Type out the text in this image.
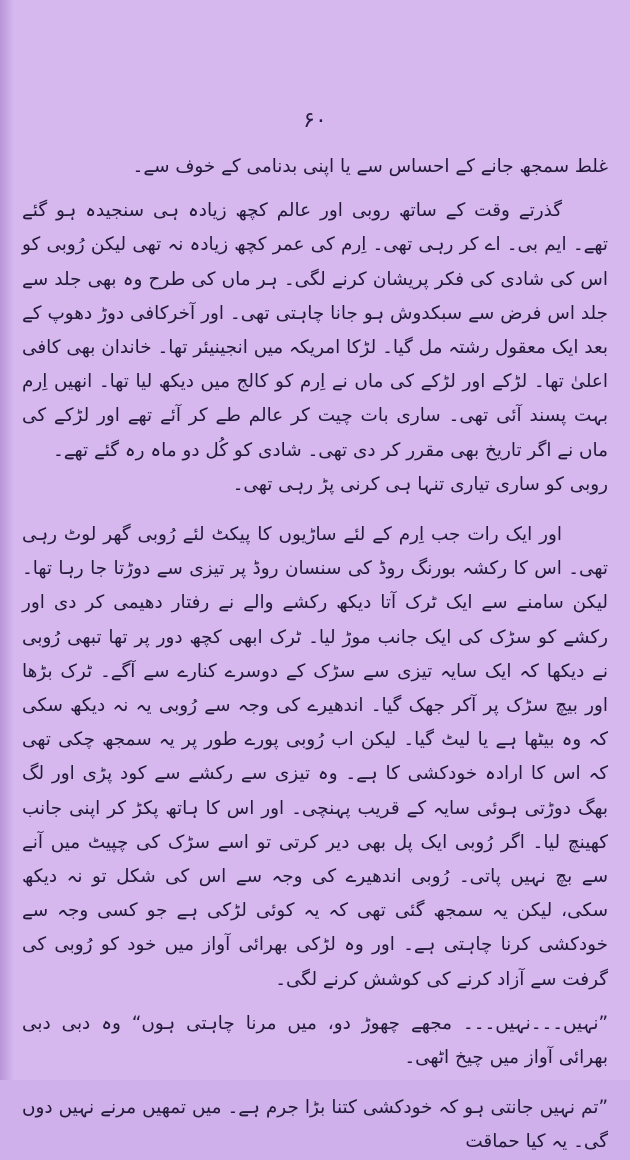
۶۰

غلط سمجھ جانے کے احساس سے یا اپنی بدنامی کے خوف سے۔

گذرتے وقت کے ساتھ روبی اور عالم کچھ زیادہ ہی سنجیدہ ہو گئے تھے۔ ایم بی۔ اے کر رہی تھی۔ اِرم کی عمر کچھ زیادہ نہ تھی لیکن رُوبی کو اس کی شادی کی فکر پریشان کرنے لگی۔ ہر ماں کی طرح وہ بھی جلد سے جلد اس فرض سے سبکدوش ہو جانا چاہتی تھی۔ اور آخرکافی دوڑ دھوپ کے بعد ایک معقول رشتہ مل گیا۔ لڑکا امریکہ میں انجینیئر تھا۔ خاندان بھی کافی اعلیٰ تھا۔ لڑکے اور لڑکے کی ماں نے اِرم کو کالج میں دیکھ لیا تھا۔ انھیں اِرم بہت پسند آئی تھی۔ ساری بات چیت کر عالم طے کر آئے تھے اور لڑکے کی ماں نے اگر تاریخ بھی مقرر کر دی تھی۔ شادی کو کُل دو ماہ رہ گئے تھے۔

روبی کو ساری تیاری تنہا ہی کرنی پڑ رہی تھی۔

اور ایک رات جب اِرم کے لئے ساڑیوں کا پیکٹ لئے رُوبی گھر لوٹ رہی تھی۔ اس کا رکشہ بورنگ روڈ کی سنسان روڈ پر تیزی سے دوڑتا جا رہا تھا۔ لیکن سامنے سے ایک ٹرک آتا دیکھ رکشے والے نے رفتار دھیمی کر دی اور رکشے کو سڑک کی ایک جانب موڑ لیا۔ ٹرک ابھی کچھ دور پر تھا تبھی رُوبی نے دیکھا کہ ایک سایہ تیزی سے سڑک کے دوسرے کنارے سے آگے۔ ٹرک بڑھا اور بیچ سڑک پر آکر جھک گیا۔ اندھیرے کی وجہ سے رُوبی یہ نہ دیکھ سکی کہ وہ بیٹھا ہے یا لیٹ گیا۔ لیکن اب رُوبی پورے طور پر یہ سمجھ چکی تھی کہ اس کا ارادہ خودکشی کا ہے۔ وہ تیزی سے رکشے سے کود پڑی اور لگ بھگ دوڑتی ہوئی سایہ کے قریب پہنچی۔ اور اس کا ہاتھ پکڑ کر اپنی جانب کھینچ لیا۔ اگر رُوبی ایک پل بھی دیر کرتی تو اسے سڑک کی چپیٹ میں آنے سے بچ نہیں پاتی۔ رُوبی اندھیرے کی وجہ سے اس کی شکل تو نہ دیکھ سکی، لیکن یہ سمجھ گئی تھی کہ یہ کوئی لڑکی ہے جو کسی وجہ سے خودکشی کرنا چاہتی ہے۔ اور وہ لڑکی بھرائی آواز میں خود کو رُوبی کی گرفت سے آزاد کرنے کی کوشش کرنے لگی۔

”نہیں۔۔۔نہیں۔۔۔ مجھے چھوڑ دو، میں مرنا چاہتی ہوں“ وہ دبی دبی بھرائی آواز میں چیخ اٹھی۔

”تم نہیں جانتی ہو کہ خودکشی کتنا بڑا جرم ہے۔ میں تمھیں مرنے نہیں دوں گی۔ یہ کیا حماقت
